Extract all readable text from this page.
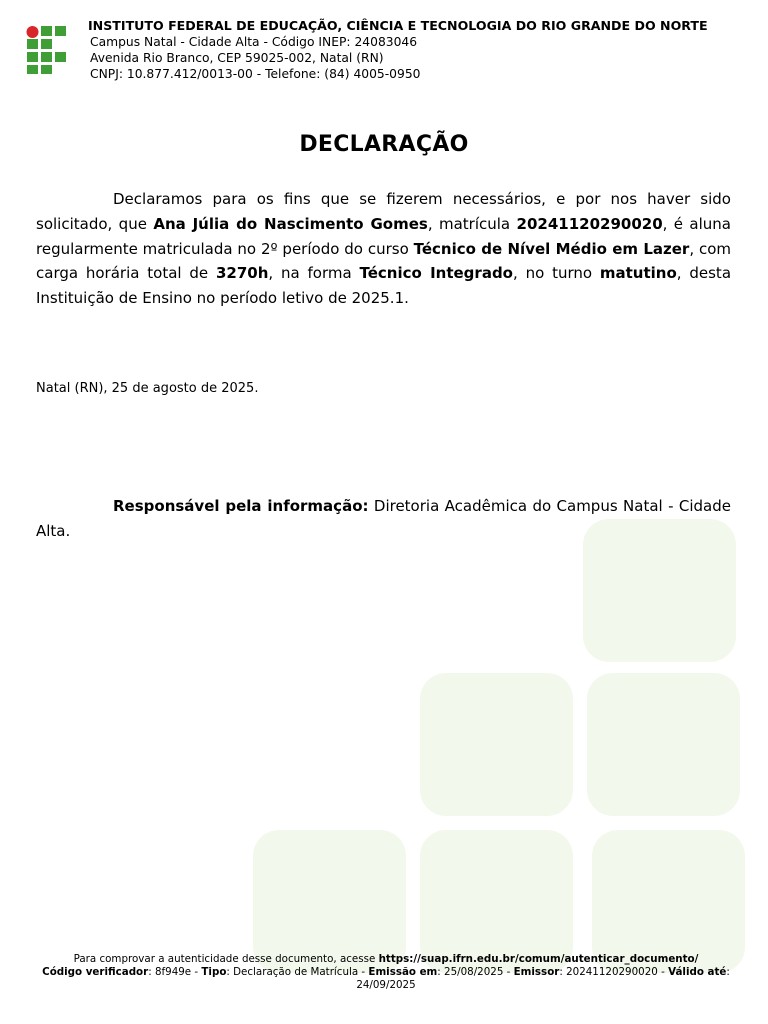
INSTITUTO FEDERAL DE EDUCAÇÃO, CIÊNCIA E TECNOLOGIA DO RIO GRANDE DO NORTE
Campus Natal - Cidade Alta - Código INEP: 24083046
Avenida Rio Branco, CEP 59025-002, Natal (RN)
CNPJ: 10.877.412/0013-00 - Telefone: (84) 4005-0950
DECLARAÇÃO

Declaramos para os fins que se fizerem necessários, e por nos haver sido solicitado, que Ana Júlia do Nascimento Gomes, matrícula 20241120290020, é aluna regularmente matriculada no 2º período do curso Técnico de Nível Médio em Lazer, com carga horária total de 3270h, na forma Técnico Integrado, no turno matutino, desta Instituição de Ensino no período letivo de 2025.1.

Natal (RN), 25 de agosto de 2025.

Responsável pela informação: Diretoria Acadêmica do Campus Natal - Cidade Alta.

Para comprovar a autenticidade desse documento, acesse https://suap.ifrn.edu.br/comum/autenticar_documento/
Código verificador: 8f949e - Tipo: Declaração de Matrícula - Emissão em: 25/08/2025 - Emissor: 20241120290020 - Válido até: 24/09/2025
